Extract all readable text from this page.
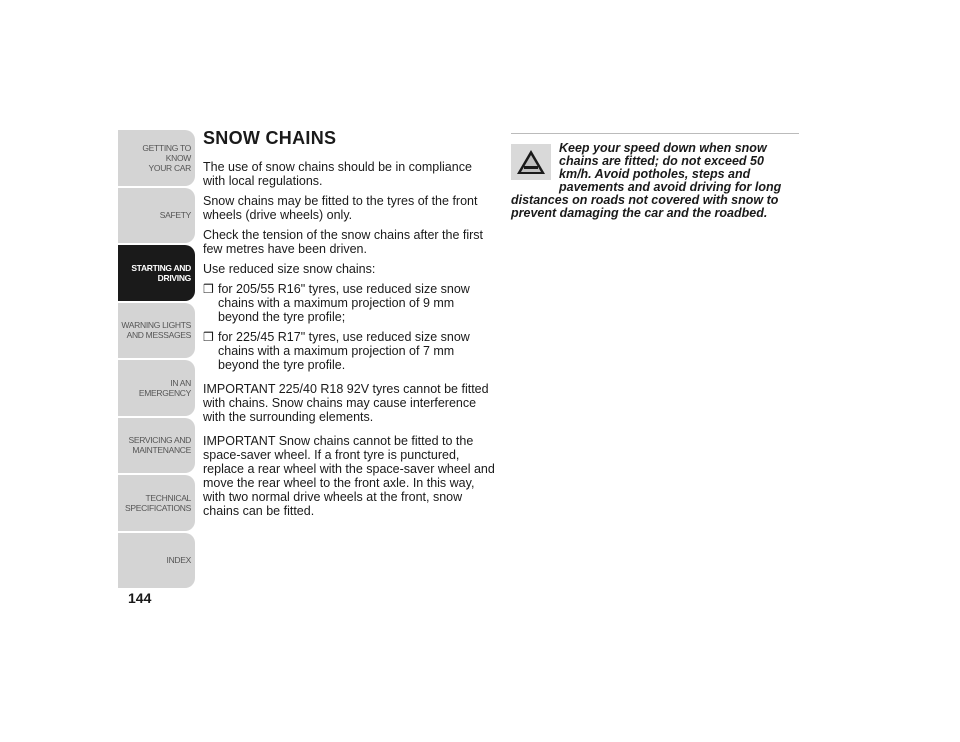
GETTING TO KNOW
YOUR CAR
SAFETY
STARTING AND
DRIVING
WARNING LIGHTS
AND MESSAGES
IN AN EMERGENCY
SERVICING AND
MAINTENANCE
TECHNICAL
SPECIFICATIONS
INDEX
144
SNOW CHAINS

The use of snow chains should be in compliance with local regulations.

Snow chains may be fitted to the tyres of the front wheels (drive wheels) only.

Check the tension of the snow chains after the first few metres have been driven.

Use reduced size snow chains:

❒ for 205/55 R16" tyres, use reduced size snow chains with a maximum projection of 9 mm beyond the tyre profile;
❒ for 225/45 R17" tyres, use reduced size snow chains with a maximum projection of 7 mm beyond the tyre profile.

IMPORTANT 225/40 R18 92V tyres cannot be fitted with chains. Snow chains may cause interference with the surrounding elements.

IMPORTANT Snow chains cannot be fitted to the space-saver wheel. If a front tyre is punctured, replace a rear wheel with the space-saver wheel and move the rear wheel to the front axle. In this way, with two normal drive wheels at the front, snow chains can be fitted.

Keep your speed down when snow chains are fitted; do not exceed 50 km/h. Avoid potholes, steps and pavements and avoid driving for long distances on roads not covered with snow to prevent damaging the car and the roadbed.
